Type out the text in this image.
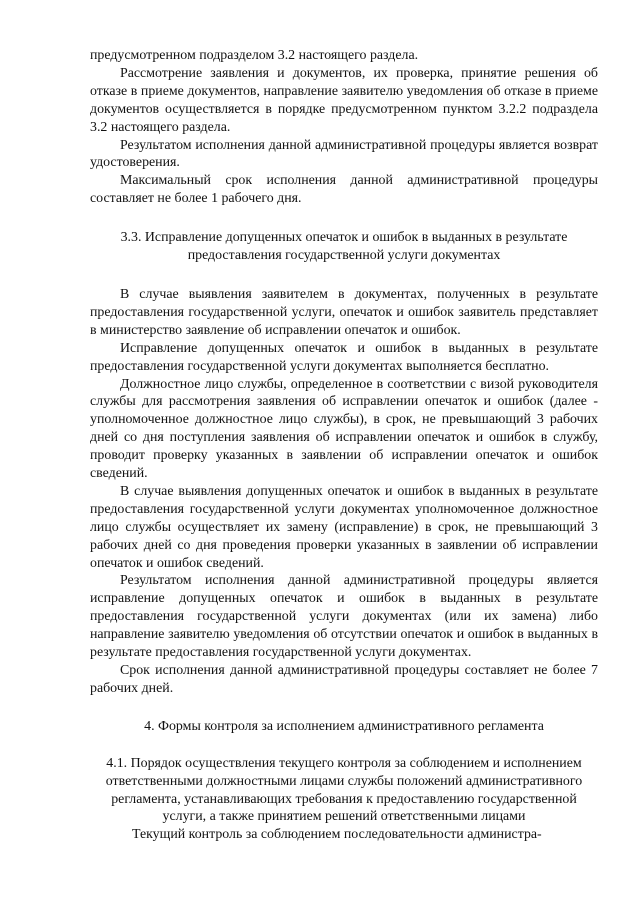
предусмотренном подразделом 3.2 настоящего раздела.

Рассмотрение заявления и документов, их проверка, принятие решения об отказе в приеме документов, направление заявителю уведомления об отказе в приеме документов осуществляется в порядке предусмотренном пунктом 3.2.2 подраздела 3.2 настоящего раздела.

Результатом исполнения данной административной процедуры является возврат удостоверения.

Максимальный срок исполнения данной административной процедуры составляет не более 1 рабочего дня.

3.3. Исправление допущенных опечаток и ошибок в выданных в результате предоставления государственной услуги документах

В случае выявления заявителем в документах, полученных в результате предоставления государственной услуги, опечаток и ошибок заявитель представляет в министерство заявление об исправлении опечаток и ошибок.

Исправление допущенных опечаток и ошибок в выданных в результате предоставления государственной услуги документах выполняется бесплатно.

Должностное лицо службы, определенное в соответствии с визой руководителя службы для рассмотрения заявления об исправлении опечаток и ошибок (далее - уполномоченное должностное лицо службы), в срок, не превышающий 3 рабочих дней со дня поступления заявления об исправлении опечаток и ошибок в службу, проводит проверку указанных в заявлении об исправлении опечаток и ошибок сведений.

В случае выявления допущенных опечаток и ошибок в выданных в результате предоставления государственной услуги документах уполномоченное должностное лицо службы осуществляет их замену (исправление) в срок, не превышающий 3 рабочих дней со дня проведения проверки указанных в заявлении об исправлении опечаток и ошибок сведений.

Результатом исполнения данной административной процедуры является исправление допущенных опечаток и ошибок в выданных в результате предоставления государственной услуги документах (или их замена) либо направление заявителю уведомления об отсутствии опечаток и ошибок в выданных в результате предоставления государственной услуги документах.

Срок исполнения данной административной процедуры составляет не более 7 рабочих дней.

4. Формы контроля за исполнением административного регламента

4.1. Порядок осуществления текущего контроля за соблюдением и исполнением ответственными должностными лицами службы положений административного регламента, устанавливающих требования к предоставлению государственной услуги, а также принятием решений ответственными лицами

Текущий контроль за соблюдением последовательности администра-
